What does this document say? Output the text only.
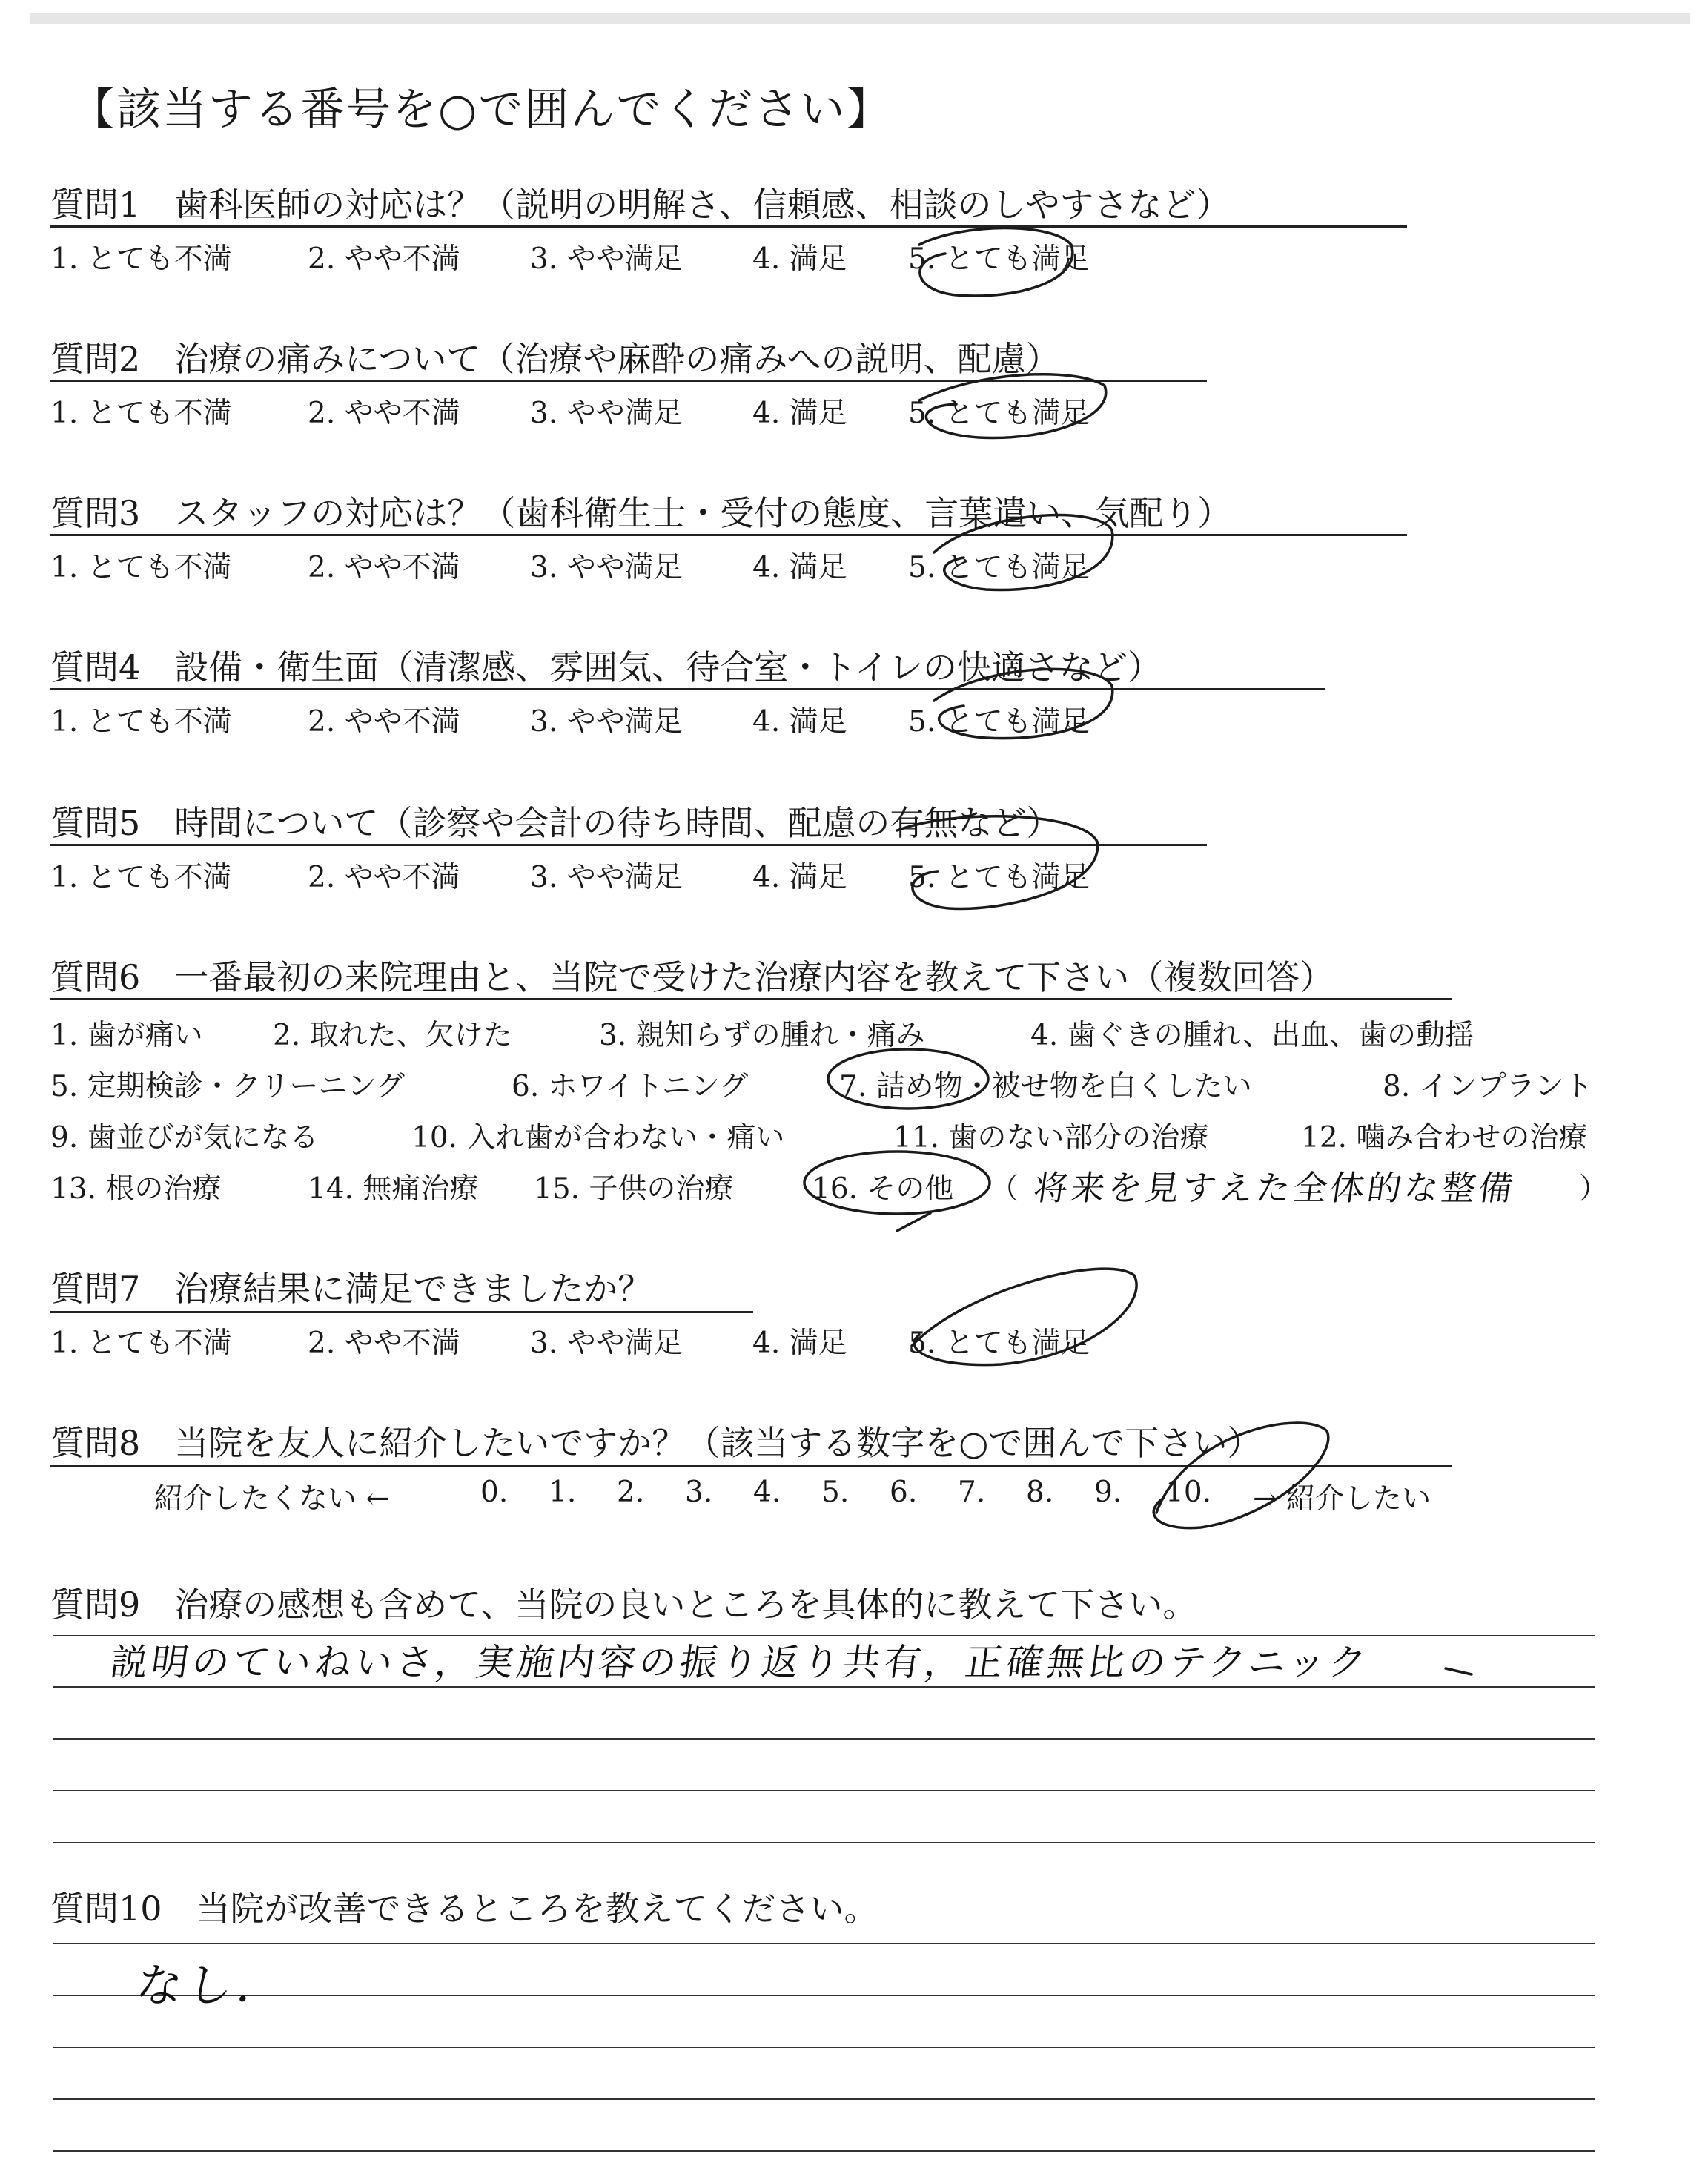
【該当する番号を○で囲んでください】
質問1　 歯科医師の対応は？（説明の明解さ、信頼感、相談のしやすさなど）
1. とても不満	2. やや不満 3. やや満足 4. 満足 5. とても満足
質問2　 治療の痛みについて（治療や麻酔の痛みへの説明、配慮）
1. とても不満	2. やや不満 3. やや満足 4. 満足 5. とても満足
質問3　 スタッフの対応は？（歯科衛生士・受付の態度、言葉遣い、気配り）
1. とても不満	2. やや不満 3. やや満足 4. 満足 5. とても満足
質問4　 設備・衛生面（清潔感、雰囲気、待合室・トイレの快適さなど）
1. とても不満	2. やや不満 3. やや満足 4. 満足 5. とても満足
質問5　 時間について（診察や会計の待ち時間、配慮の有無など）
1. とても不満	2. やや不満 3. やや満足 4. 満足 5. とても満足
質問6　 一番最初の来院理由と、当院で受けた治療内容を教えて下さい（複数回答）
1. 歯が痛い 2. 取れた、欠けた	3. 親知らずの腫れ・痛み	4. 歯ぐきの腫れ、出血、歯の動揺
5. 定期検診・クリーニング	6. ホワイトニング	7. 詰め物・被せ物を白くしたい	8. インプラント
9. 歯並びが気になる	10. 入れ歯が合わない・痛い	11. 歯のない部分の治療	12. 噛み合わせの治療
13. 根の治療	14. 無痛治療 15. 子供の治療	16. その他 （	）
将来を見すえた全体的な整備
質問7　 治療結果に満足できましたか？
1. とても不満	2. やや不満 3. やや満足 4. 満足 5. とても満足
質問8　 当院を友人に紹介したいですか？（該当する数字を○で囲んで下さい）
紹介したくない ←	0. 1. 2. 3. 4. 5. 6. 7. 8. 9. 10. → 紹介したい
質問9　 治療の感想も含めて、当院の良いところを具体的に教えて下さい。
説明のていねいさ，実施内容の振り返り共有，正確無比のテクニック
質問10　 当院が改善できるところを教えてください。
なし．
